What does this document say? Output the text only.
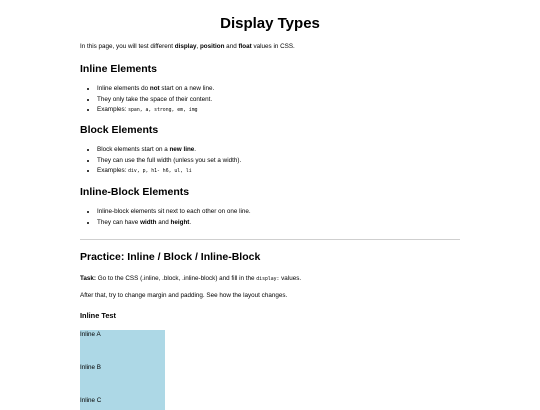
Display Types

In this page, you will test different display, position and float values in CSS.

Inline Elements
• Inline elements do not start on a new line.
• They only take the space of their content.
• Examples: span, a, strong, em, img
Block Elements
• Block elements start on a new line.
• They can use the full width (unless you set a width).
• Examples: div, p, h1- h6, ul, li
Inline-Block Elements
• Inline-block elements sit next to each other on one line.
• They can have width and height.
Practice: Inline / Block / Inline-Block

Task: Go to the CSS (.inline, .block, .inline-block) and fill in the display: values.

After that, try to change margin and padding. See how the layout changes.

Inline Test
Inline A
Inline B
Inline C
